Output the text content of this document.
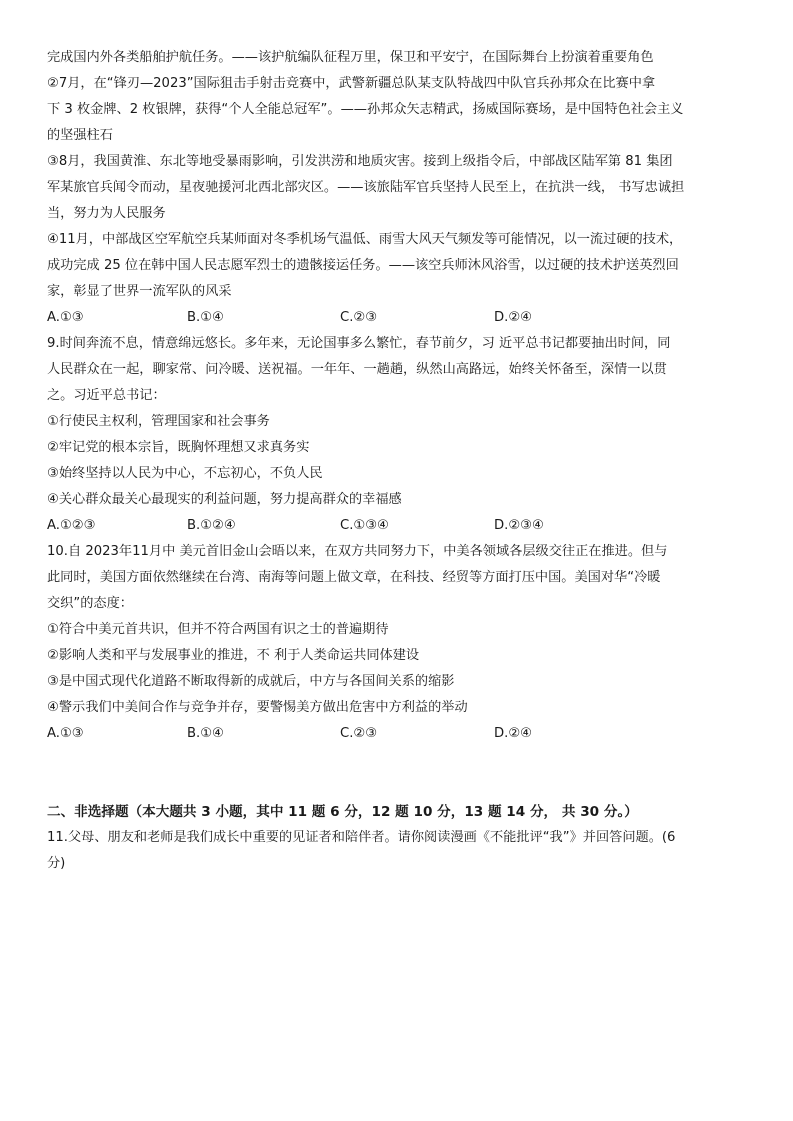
完成国内外各类船舶护航任务。——该护航编队征程万里，保卫和平安宁，在国际舞台上扮演着重要角色
②7月，在“锋刃—2023”国际狙击手射击竞赛中，武警新疆总队某支队特战四中队官兵孙邦众在比赛中拿
下 3 枚金牌、2 枚银牌，获得“个人全能总冠军”。——孙邦众矢志精武，扬威国际赛场，是中国特色社会主义
的坚强柱石
③8月，我国黄淮、东北等地受暴雨影响，引发洪涝和地质灾害。接到上级指令后，中部战区陆军第 81 集团
军某旅官兵闻令而动，星夜驰援河北西北部灾区。——该旅陆军官兵坚持人民至上，在抗洪一线， 书写忠诚担
当，努力为人民服务
④11月，中部战区空军航空兵某师面对冬季机场气温低、雨雪大风天气频发等可能情况，以一流过硬的技术，
成功完成 25 位在韩中国人民志愿军烈士的遗骸接运任务。——该空兵师沐风浴雪，以过硬的技术护送英烈回
家，彰显了世界一流军队的风采
A.①③	B.①④	C.②③	D.②④
9.时间奔流不息，情意绵远悠长。多年来，无论国事多么繁忙，春节前夕，习 近平总书记都要抽出时间，同
人民群众在一起，聊家常、问冷暖、送祝福。一年年、一趟趟，纵然山高路远，始终关怀备至，深情一以贯
之。习近平总书记：
①行使民主权利，管理国家和社会事务
②牢记党的根本宗旨，既胸怀理想又求真务实
③始终坚持以人民为中心，不忘初心，不负人民
④关心群众最关心最现实的利益问题，努力提高群众的幸福感
A.①②③	B.①②④	C.①③④	D.②③④
10.自 2023年11月中 美元首旧金山会晤以来，在双方共同努力下，中美各领域各层级交往正在推进。但与
此同时，美国方面依然继续在台湾、南海等问题上做文章，在科技、经贸等方面打压中国。美国对华“冷暖
交织”的态度：
①符合中美元首共识，但并不符合两国有识之士的普遍期待
②影响人类和平与发展事业的推进，不 利于人类命运共同体建设
③是中国式现代化道路不断取得新的成就后，中方与各国间关系的缩影
④警示我们中美间合作与竞争并存，要警惕美方做出危害中方利益的举动
A.①③	B.①④	C.②③	D.②④
二、非选择题（本大题共 3 小题，其中 11 题 6 分，12 题 10 分，13 题 14 分， 共 30 分。）
11.父母、朋友和老师是我们成长中重要的见证者和陪伴者。请你阅读漫画《不能批评“我”》并回答问题。(6
分)
